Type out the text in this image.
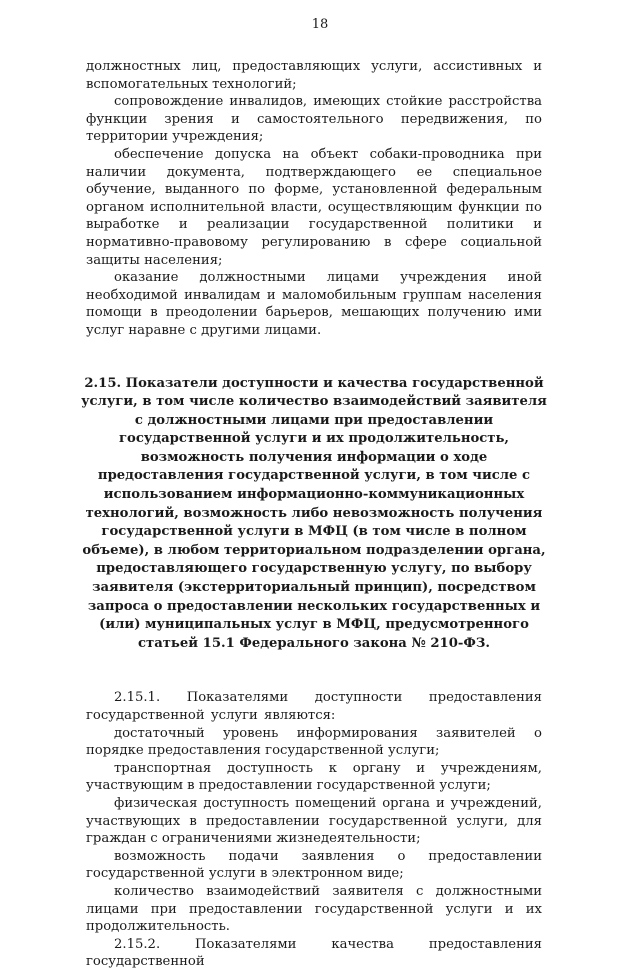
18

должностных лиц, предоставляющих услуги, ассистивных и вспомогательных технологий;

сопровождение инвалидов, имеющих стойкие расстройства функции зрения и самостоятельного передвижения, по территории учреждения;

обеспечение допуска на объект собаки-проводника при наличии документа, подтверждающего ее специальное обучение, выданного по форме, установленной федеральным органом исполнительной власти, осуществляющим функции по выработке и реализации государственной политики и нормативно-правовому регулированию в сфере социальной защиты населения;

оказание должностными лицами учреждения иной необходимой инвалидам и маломобильным группам населения помощи в преодолении барьеров, мешающих получению ими услуг наравне с другими лицами.

2.15. Показатели доступности и качества государственной услуги, в том числе количество взаимодействий заявителя с должностными лицами при предоставлении государственной услуги и их продолжительность, возможность получения информации о ходе предоставления государственной услуги, в том числе с использованием информационно-коммуникационных технологий, возможность либо невозможность получения государственной услуги в МФЦ (в том числе в полном объеме), в любом территориальном подразделении органа, предоставляющего государственную услугу, по выбору заявителя (экстерриториальный принцип), посредством запроса о предоставлении нескольких государственных и (или) муниципальных услуг в МФЦ, предусмотренного статьей 15.1 Федерального закона № 210-ФЗ.

2.15.1. Показателями доступности предоставления государственной услуги являются:

достаточный уровень информирования заявителей о порядке предоставления государственной услуги;

транспортная доступность к органу и учреждениям, участвующим в предоставлении государственной услуги;

физическая доступность помещений органа и учреждений, участвующих в предоставлении государственной услуги, для граждан с ограничениями жизнедеятельности;

возможность подачи заявления о предоставлении государственной услуги в электронном виде;

количество взаимодействий заявителя с должностными лицами при предоставлении государственной услуги и их продолжительность.

2.15.2. Показателями качества предоставления государственной
